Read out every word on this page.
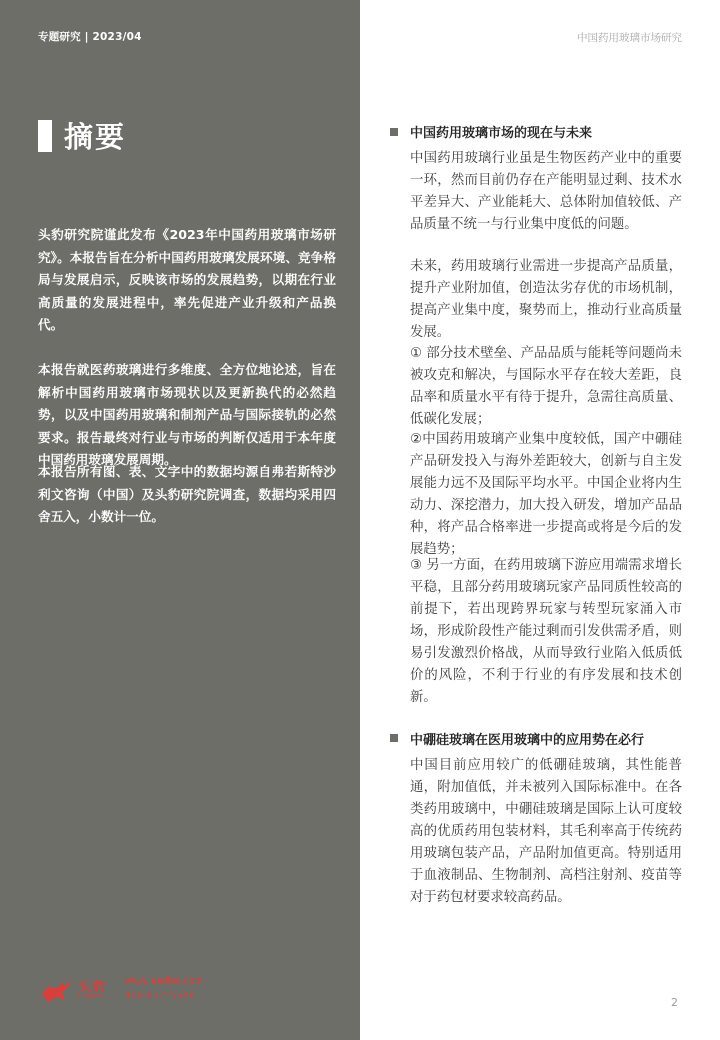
专题研究 | 2023/04	中国药用玻璃市场研究
摘要

头豹研究院谨此发布《2023年中国药用玻璃市场研究》。本报告旨在分析中国药用玻璃发展环境、竞争格局与发展启示，反映该市场的发展趋势，以期在行业高质量的发展进程中，率先促进产业升级和产品换代。

本报告就医药玻璃进行多维度、全方位地论述，旨在解析中国药用玻璃市场现状以及更新换代的必然趋势，以及中国药用玻璃和制剂产品与国际接轨的必然要求。报告最终对行业与市场的判断仅适用于本年度中国药用玻璃发展周期。

本报告所有图、表、文字中的数据均源自弗若斯特沙利文咨询（中国）及头豹研究院调查，数据均采用四舍五入，小数计一位。

头豹
LEADLEO
www.leadleo.com
400-072-5588
中国药用玻璃市场的现在与未来

中国药用玻璃行业虽是生物医药产业中的重要一环，然而目前仍存在产能明显过剩、技术水平差异大、产业能耗大、总体附加值较低、产品质量不统一与行业集中度低的问题。

未来，药用玻璃行业需进一步提高产品质量，提升产业附加值，创造汰劣存优的市场机制，提高产业集中度，聚势而上，推动行业高质量发展。

① 部分技术壁垒、产品品质与能耗等问题尚未被攻克和解决，与国际水平存在较大差距，良品率和质量水平有待于提升，急需往高质量、低碳化发展；

②中国药用玻璃产业集中度较低，国产中硼硅产品研发投入与海外差距较大，创新与自主发展能力远不及国际平均水平。中国企业将内生动力、深挖潜力，加大投入研发，增加产品品种，将产品合格率进一步提高或将是今后的发展趋势；

③ 另一方面，在药用玻璃下游应用端需求增长平稳，且部分药用玻璃玩家产品同质性较高的前提下，若出现跨界玩家与转型玩家涌入市场，形成阶段性产能过剩而引发供需矛盾，则易引发激烈价格战，从而导致行业陷入低质低价的风险，不利于行业的有序发展和技术创新。

中硼硅玻璃在医用玻璃中的应用势在必行

中国目前应用较广的低硼硅玻璃，其性能普通，附加值低，并未被列入国际标准中。在各类药用玻璃中，中硼硅玻璃是国际上认可度较高的优质药用包装材料，其毛利率高于传统药用玻璃包装产品，产品附加值更高。特别适用于血液制品、生物制剂、高档注射剂、疫苗等对于药包材要求较高药品。

2
